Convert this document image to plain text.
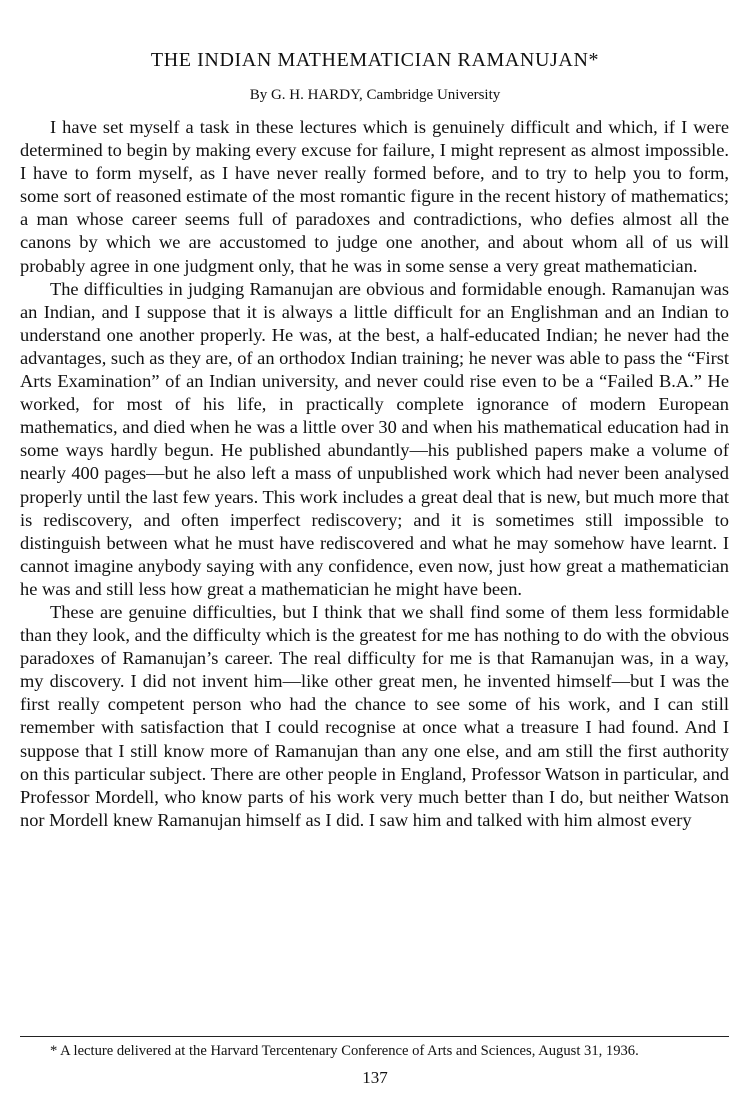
THE INDIAN MATHEMATICIAN RAMANUJAN*
By G. H. HARDY, Cambridge University

I have set myself a task in these lectures which is genuinely difficult and which, if I were determined to begin by making every excuse for failure, I might represent as almost impossible. I have to form myself, as I have never really formed before, and to try to help you to form, some sort of reasoned estimate of the most romantic figure in the recent history of mathematics; a man whose career seems full of paradoxes and contradictions, who defies almost all the canons by which we are accustomed to judge one another, and about whom all of us will probably agree in one judgment only, that he was in some sense a very great mathematician.

The difficulties in judging Ramanujan are obvious and formidable enough. Ramanujan was an Indian, and I suppose that it is always a little difficult for an Englishman and an Indian to understand one another properly. He was, at the best, a half-educated Indian; he never had the advantages, such as they are, of an orthodox Indian training; he never was able to pass the “First Arts Examination” of an Indian university, and never could rise even to be a “Failed B.A.” He worked, for most of his life, in practically complete ignorance of modern European mathematics, and died when he was a little over 30 and when his mathematical education had in some ways hardly begun. He published abundantly—his published papers make a volume of nearly 400 pages—but he also left a mass of unpublished work which had never been analysed properly until the last few years. This work includes a great deal that is new, but much more that is rediscovery, and often imperfect rediscovery; and it is sometimes still impossible to distinguish between what he must have rediscovered and what he may somehow have learnt. I cannot imagine anybody saying with any confidence, even now, just how great a mathematician he was and still less how great a mathematician he might have been.

These are genuine difficulties, but I think that we shall find some of them less formidable than they look, and the difficulty which is the greatest for me has nothing to do with the obvious paradoxes of Ramanujan’s career. The real difficulty for me is that Ramanujan was, in a way, my discovery. I did not invent him—like other great men, he invented himself—but I was the first really competent person who had the chance to see some of his work, and I can still remember with satisfaction that I could recognise at once what a treasure I had found. And I suppose that I still know more of Ramanujan than any one else, and am still the first authority on this particular subject. There are other people in England, Professor Watson in particular, and Professor Mordell, who know parts of his work very much better than I do, but neither Watson nor Mordell knew Ramanujan himself as I did. I saw him and talked with him almost every

* A lecture delivered at the Harvard Tercentenary Conference of Arts and Sciences, August 31, 1936.
137
